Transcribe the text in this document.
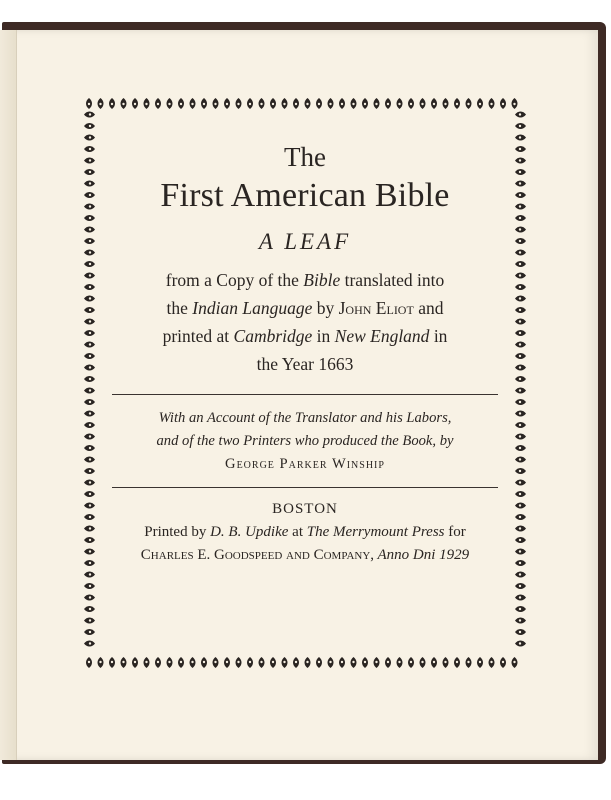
The
First American Bible
A LEAF
from a Copy of the Bible translated into
the Indian Language by John Eliot and
printed at Cambridge in New England in
the Year 1663
With an Account of the Translator and his Labors,
and of the two Printers who produced the Book, by
George Parker Winship
BOSTON
Printed by D. B. Updike at The Merrymount Press for
Charles E. Goodspeed and Company, Anno Dni 1929
